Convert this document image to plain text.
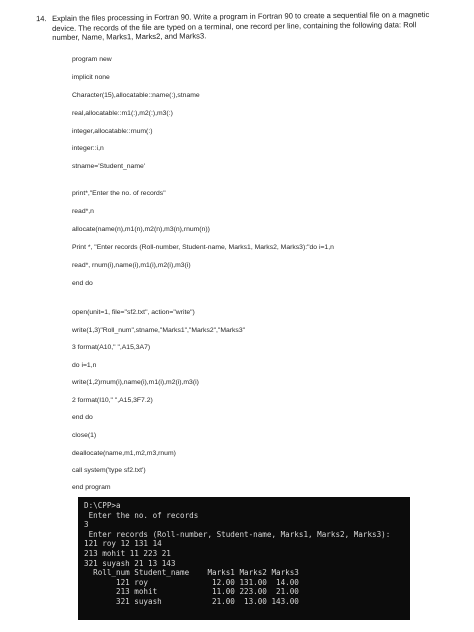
14. Explain the files processing in Fortran 90. Write a program in Fortran 90 to create a sequential file on a magnetic device. The records of the file are typed on a terminal, one record per line, containing the following data: Roll number, Name, Marks1, Marks2, and Marks3.
program new
implicit none
Character(15),allocatable::name(:),stname
real,allocatable::m1(:),m2(:),m3(:)
integer,allocatable::rnum(:)
integer::i,n
stname='Student_name'
print*,"Enter the no. of records"
read*,n
allocate(name(n),m1(n),m2(n),m3(n),rnum(n))
Print *, "Enter records (Roll-number, Student-name, Marks1, Marks2, Marks3):"do i=1,n
read*, rnum(i),name(i),m1(i),m2(i),m3(i)
end do
open(unit=1, file="sf2.txt", action="write")
write(1,3)"Roll_num",stname,"Marks1","Marks2","Marks3"
3 format(A10," ",A15,3A7)
do i=1,n
write(1,2)rnum(i),name(i),m1(i),m2(i),m3(i)
2 format(I10," ",A15,3F7.2)
end do
close(1)
deallocate(name,m1,m2,m3,rnum)
call system('type sf2.txt')
end program
D:\CPP>a
Enter the no. of records
3
Enter records (Roll-number, Student-name, Marks1, Marks2, Marks3):
121 roy 12 131 14
213 mohit 11 223 21
321 suyash 21 13 143
Roll_num Student_name    Marks1 Marks2 Marks3
121 roy              12.00 131.00  14.00
213 mohit            11.00 223.00  21.00
321 suyash           21.00  13.00 143.00
